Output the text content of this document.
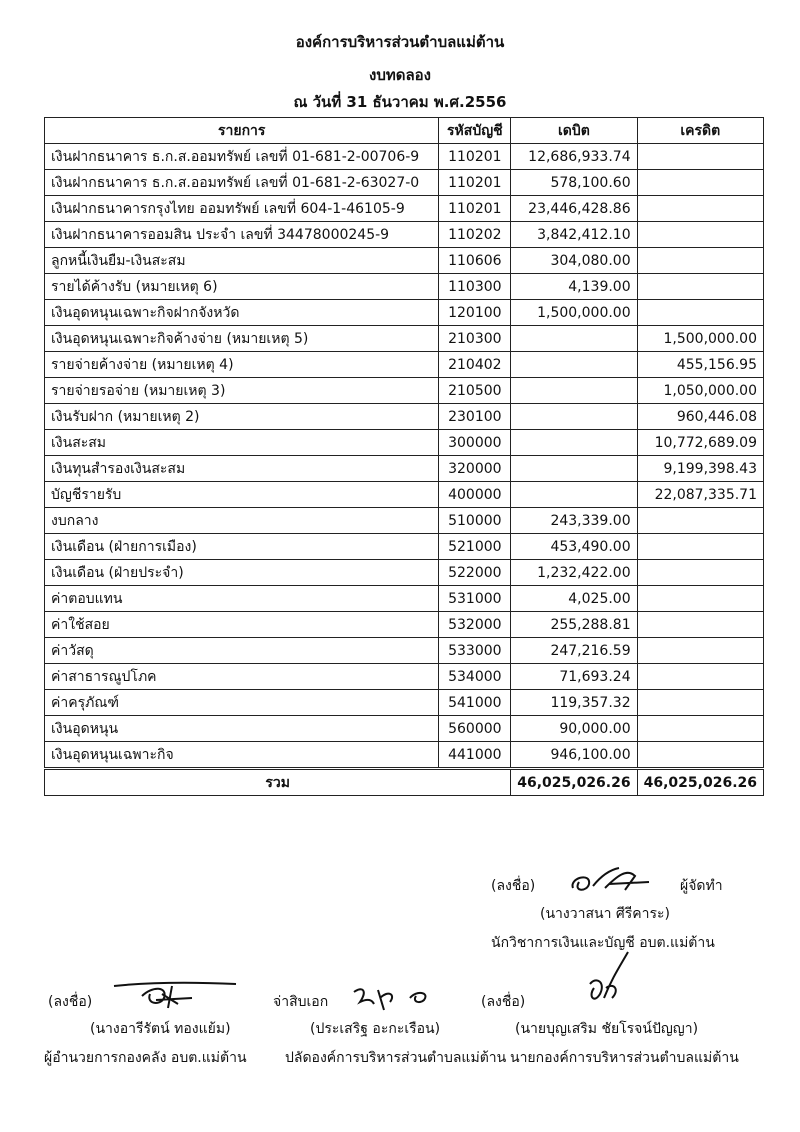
องค์การบริหารส่วนตำบลแม่ต้าน
งบทดลอง
ณ วันที่ 31 ธันวาคม พ.ศ.2556
รายการ	รหัสบัญชี	เดบิต	เครดิต
เงินฝากธนาคาร ธ.ก.ส.ออมทรัพย์ เลขที่ 01-681-2-00706-9	110201	12,686,933.74	
เงินฝากธนาคาร ธ.ก.ส.ออมทรัพย์ เลขที่ 01-681-2-63027-0	110201	578,100.60	
เงินฝากธนาคารกรุงไทย ออมทรัพย์ เลขที่ 604-1-46105-9	110201	23,446,428.86	
เงินฝากธนาคารออมสิน ประจำ เลขที่ 34478000245-9	110202	3,842,412.10	
ลูกหนี้เงินยืม-เงินสะสม	110606	304,080.00	
รายได้ค้างรับ (หมายเหตุ 6)	110300	4,139.00	
เงินอุดหนุนเฉพาะกิจฝากจังหวัด	120100	1,500,000.00	
เงินอุดหนุนเฉพาะกิจค้างจ่าย (หมายเหตุ 5)	210300		1,500,000.00
รายจ่ายค้างจ่าย (หมายเหตุ 4)	210402		455,156.95
รายจ่ายรอจ่าย (หมายเหตุ 3)	210500		1,050,000.00
เงินรับฝาก (หมายเหตุ 2)	230100		960,446.08
เงินสะสม	300000		10,772,689.09
เงินทุนสำรองเงินสะสม	320000		9,199,398.43
บัญชีรายรับ	400000		22,087,335.71
งบกลาง	510000	243,339.00	
เงินเดือน (ฝ่ายการเมือง)	521000	453,490.00	
เงินเดือน (ฝ่ายประจำ)	522000	1,232,422.00	
ค่าตอบแทน	531000	4,025.00	
ค่าใช้สอย	532000	255,288.81	
ค่าวัสดุ	533000	247,216.59	
ค่าสาธารณูปโภค	534000	71,693.24	
ค่าครุภัณฑ์	541000	119,357.32	
เงินอุดหนุน	560000	90,000.00	
เงินอุดหนุนเฉพาะกิจ	441000	946,100.00	
รวม		46,025,026.26	46,025,026.26
(ลงชื่อ)	ผู้จัดทำ
(นางวาสนา ศีรีคาระ)
นักวิชาการเงินและบัญชี อบต.แม่ต้าน
(ลงชื่อ)
(นางอารีรัตน์ ทองแย้ม)
ผู้อำนวยการกองคลัง อบต.แม่ต้าน
จ่าสิบเอก
(ประเสริฐ อะกะเรือน)
ปลัดองค์การบริหารส่วนตำบลแม่ต้าน
(ลงชื่อ)
(นายบุญเสริม ชัยโรจน์ปัญญา)
นายกองค์การบริหารส่วนตำบลแม่ต้าน
